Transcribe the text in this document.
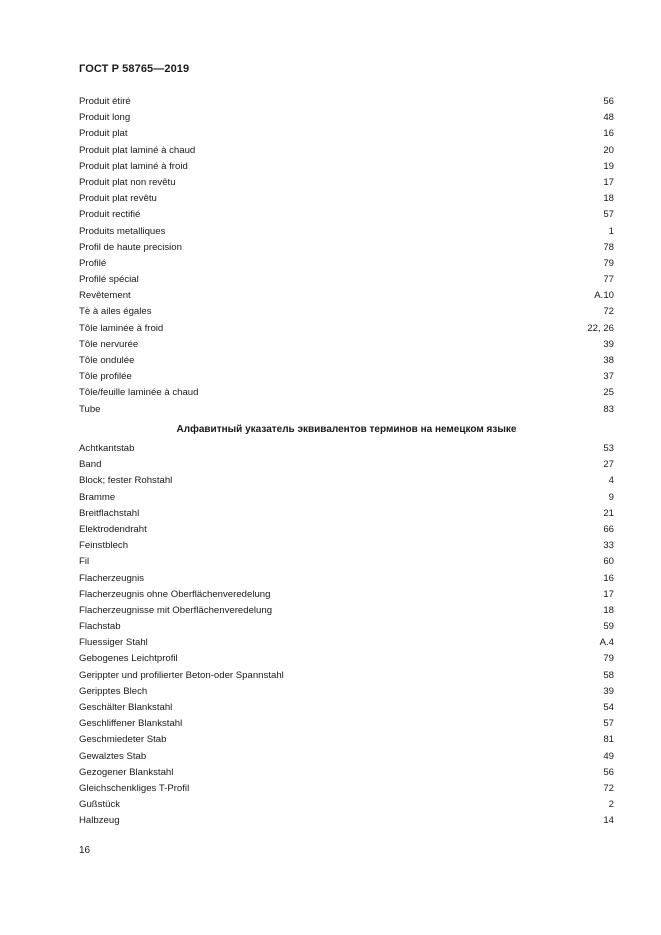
ГОСТ Р 58765—2019
Produit étiré	56
Produit long	48
Produit plat	16
Produit plat laminé à chaud	20
Produit plat laminé à froid	19
Produit plat non revêtu	17
Produit plat revêtu	18
Produit rectifié	57
Produits metalliques	1
Profil de haute precision	78
Profilé	79
Profilé spécial	77
Revêtement	A.10
Tè à ailes égales	72
Tôle laminée à froid	22, 26
Tôle nervurée	39
Tôle ondulée	38
Tôle profilée	37
Tôle/feuille laminée à chaud	25
Tube	83
Алфавитный указатель эквивалентов терминов на немецком языке
Achtkantstab	53
Band	27
Block; fester Rohstahl	4
Bramme	9
Breitflachstahl	21
Elektrodendraht	66
Feinstblech	33
Fil	60
Flacherzeugnis	16
Flacherzeugnis ohne Oberflächenveredelung	17
Flacherzeugnisse mit Oberflächenveredelung	18
Flachstab	59
Fluessiger Stahl	A.4
Gebogenes Leichtprofil	79
Gerippter und profilierter Beton-oder Spannstahl	58
Geripptes Blech	39
Geschälter Blankstahl	54
Geschliffener Blankstahl	57
Geschmiedeter Stab	81
Gewalztes Stab	49
Gezogener Blankstahl	56
Gleichschenkliges T-Profil	72
Gußstück	2
Halbzeug	14
16
